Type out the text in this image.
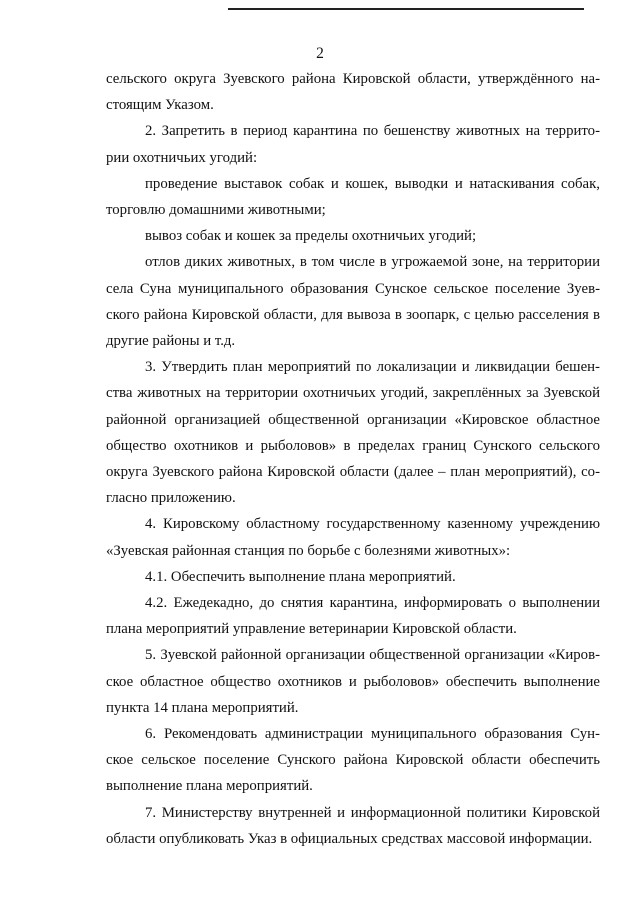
2
сельского округа Зуевского района Кировской области, утверждённого на-
стоящим Указом.
2. Запретить в период карантина по бешенству животных на террито-
рии охотничьих угодий:
проведение выставок собак и кошек, выводки и натаскивания собак,
торговлю домашними животными;
вывоз собак и кошек за пределы охотничьих угодий;
отлов диких животных, в том числе в угрожаемой зоне, на территории
села Суна муниципального образования Сунское сельское поселение Зуев-
ского района Кировской области, для вывоза в зоопарк, с целью расселения в
другие районы и т.д.
3. Утвердить план мероприятий по локализации и ликвидации бешен-
ства животных на территории охотничьих угодий, закреплённых за Зуевской
районной организацией общественной организации «Кировское областное
общество охотников и рыболовов» в пределах границ Сунского сельского
округа Зуевского района Кировской области (далее – план мероприятий), со-
гласно приложению.
4. Кировскому областному государственному казенному учреждению
«Зуевская районная станция по борьбе с болезнями животных»:
4.1. Обеспечить выполнение плана мероприятий.
4.2. Ежедекадно, до снятия карантина, информировать о выполнении
плана мероприятий управление ветеринарии Кировской области.
5. Зуевской районной организации общественной организации «Киров-
ское областное общество охотников и рыболовов» обеспечить выполнение
пункта 14 плана мероприятий.
6. Рекомендовать администрации муниципального образования Сун-
ское сельское поселение Сунского района Кировской области обеспечить
выполнение плана мероприятий.
7. Министерству внутренней и информационной политики Кировской
области опубликовать Указ в официальных средствах массовой информации.
